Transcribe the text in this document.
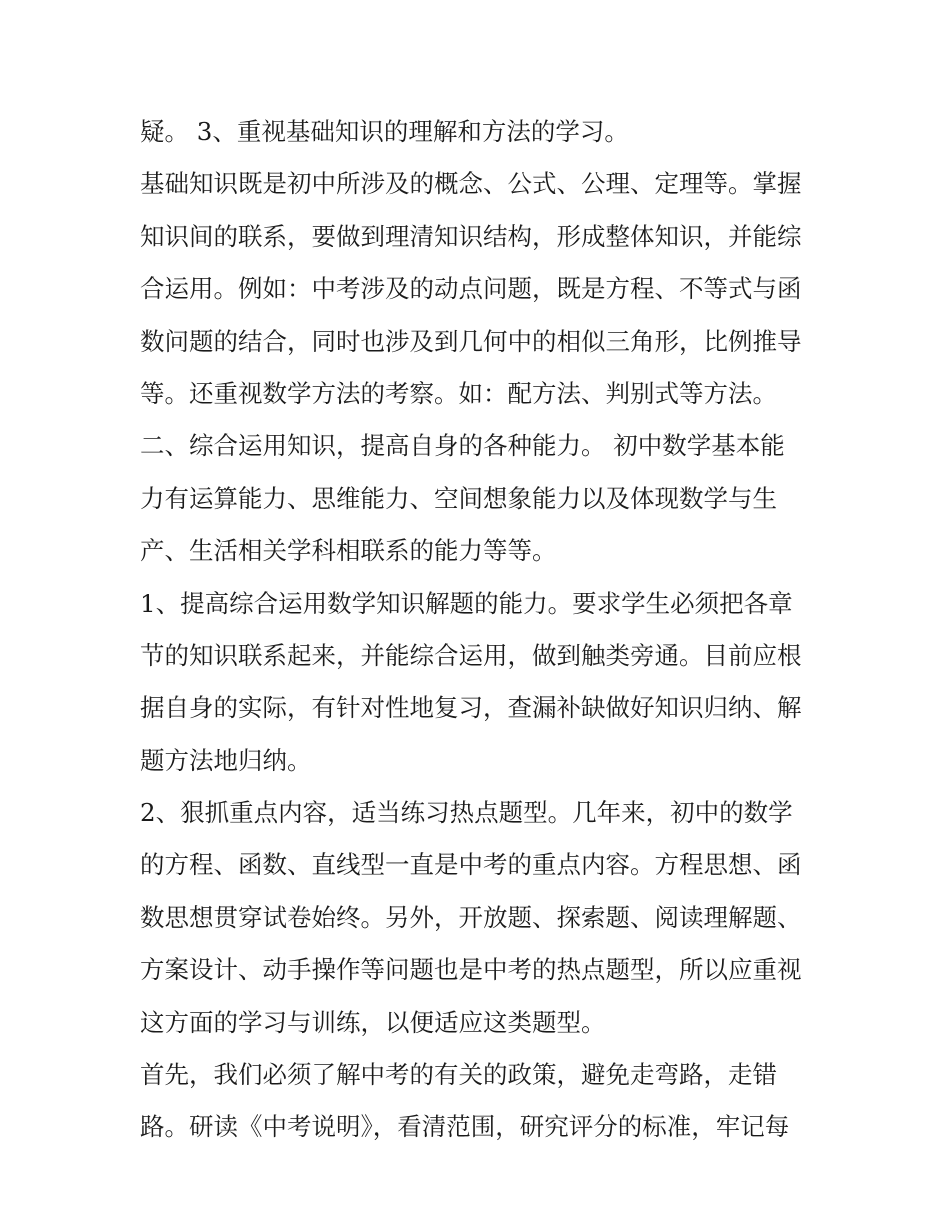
疑。 3、重视基础知识的理解和方法的学习。
基础知识既是初中所涉及的概念、公式、公理、定理等。掌握
知识间的联系，要做到理清知识结构，形成整体知识，并能综
合运用。例如：中考涉及的动点问题，既是方程、不等式与函
数问题的结合，同时也涉及到几何中的相似三角形，比例推导
等。还重视数学方法的考察。如：配方法、判别式等方法。
二、综合运用知识，提高自身的各种能力。 初中数学基本能
力有运算能力、思维能力、空间想象能力以及体现数学与生
产、生活相关学科相联系的能力等等。
1、提高综合运用数学知识解题的能力。要求学生必须把各章
节的知识联系起来，并能综合运用，做到触类旁通。目前应根
据自身的实际，有针对性地复习，查漏补缺做好知识归纳、解
题方法地归纳。
2、狠抓重点内容，适当练习热点题型。几年来，初中的数学
的方程、函数、直线型一直是中考的重点内容。方程思想、函
数思想贯穿试卷始终。另外，开放题、探索题、阅读理解题、
方案设计、动手操作等问题也是中考的热点题型，所以应重视
这方面的学习与训练，以便适应这类题型。
首先，我们必须了解中考的有关的政策，避免走弯路，走错
路。研读《中考说明》，看清范围，研究评分的标准，牢记每
